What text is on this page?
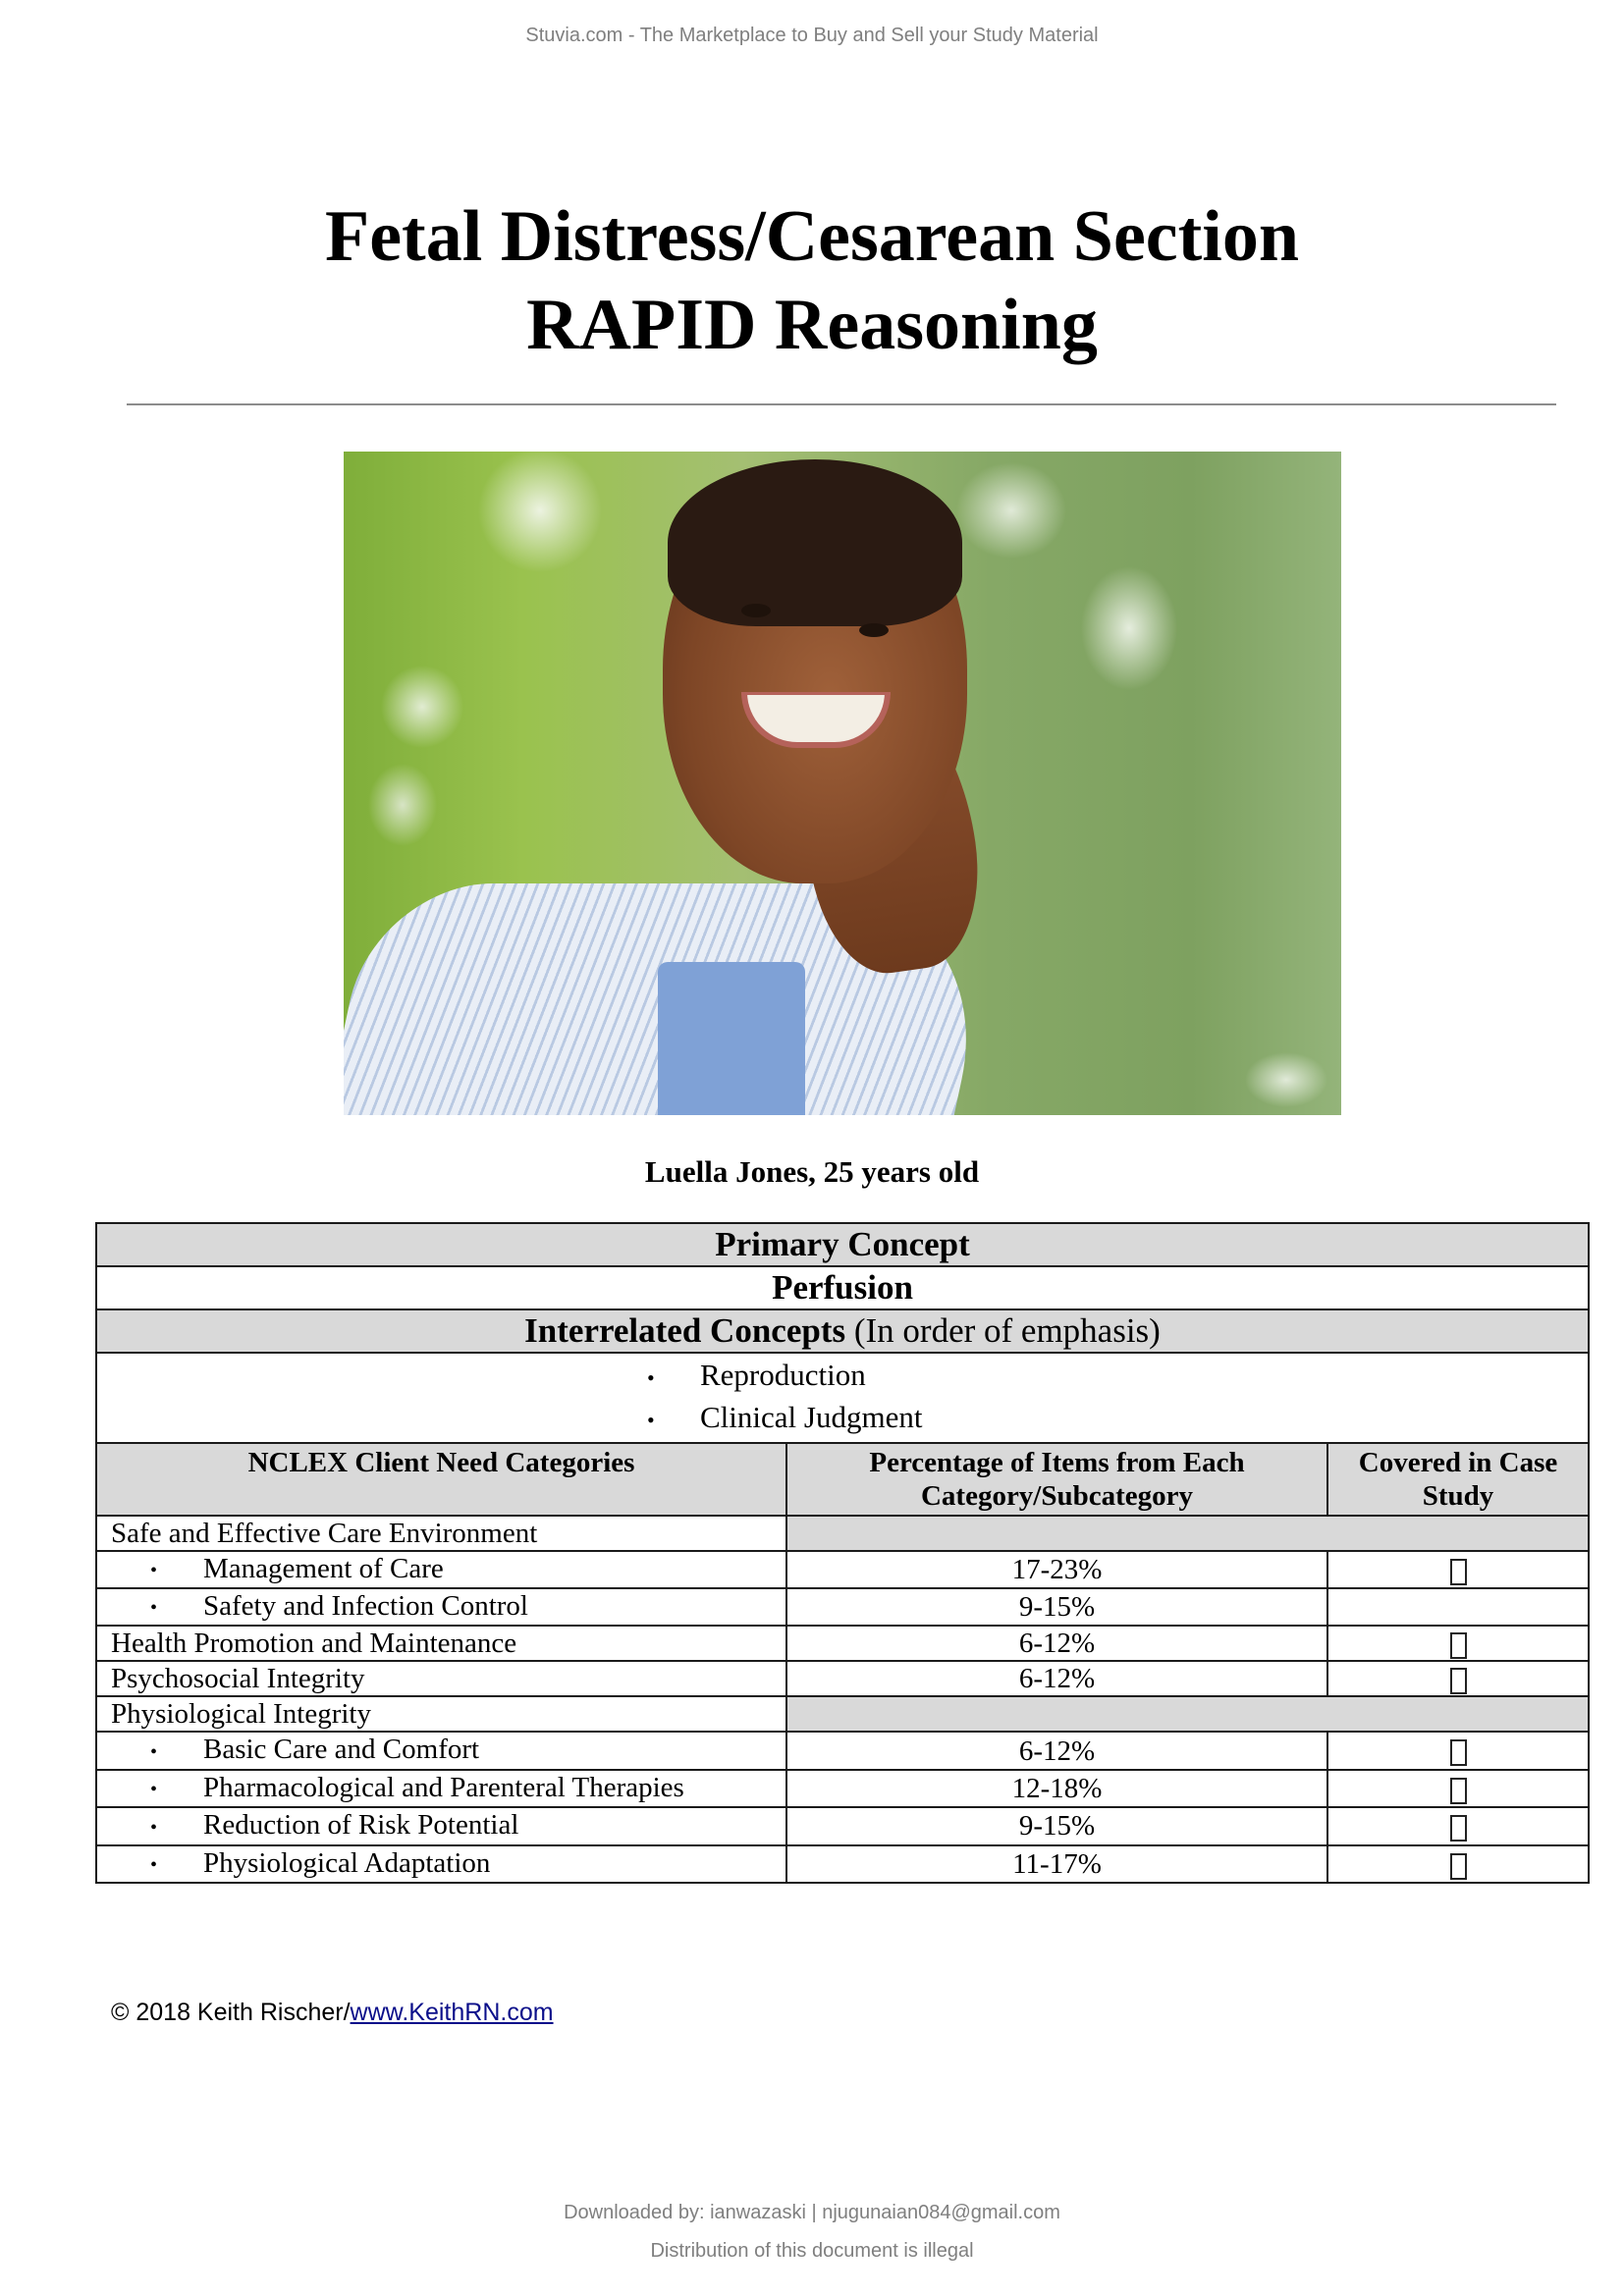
Stuvia.com - The Marketplace to Buy and Sell your Study Material
Fetal Distress/Cesarean Section
RAPID Reasoning
Luella Jones, 25 years old
Primary Concept		
Perfusion		
Interrelated Concepts (In order of emphasis)		

• Reproduction
• Clinical Judgment

NCLEX Client Need Categories	Percentage of Items from Each Category/Subcategory	Covered in Case Study
Safe and Effective Care Environment		
• Management of Care	17-23%	
• Safety and Infection Control	9-15%	
Health Promotion and Maintenance	6-12%	
Psychosocial Integrity	6-12%	
Physiological Integrity		
• Basic Care and Comfort	6-12%	
• Pharmacological and Parenteral Therapies	12-18%	
• Reduction of Risk Potential	9-15%	
• Physiological Adaptation	11-17%	
© 2018 Keith Rischer/www.KeithRN.com
Downloaded by: ianwazaski | njugunaian084@gmail.com
Distribution of this document is illegal
